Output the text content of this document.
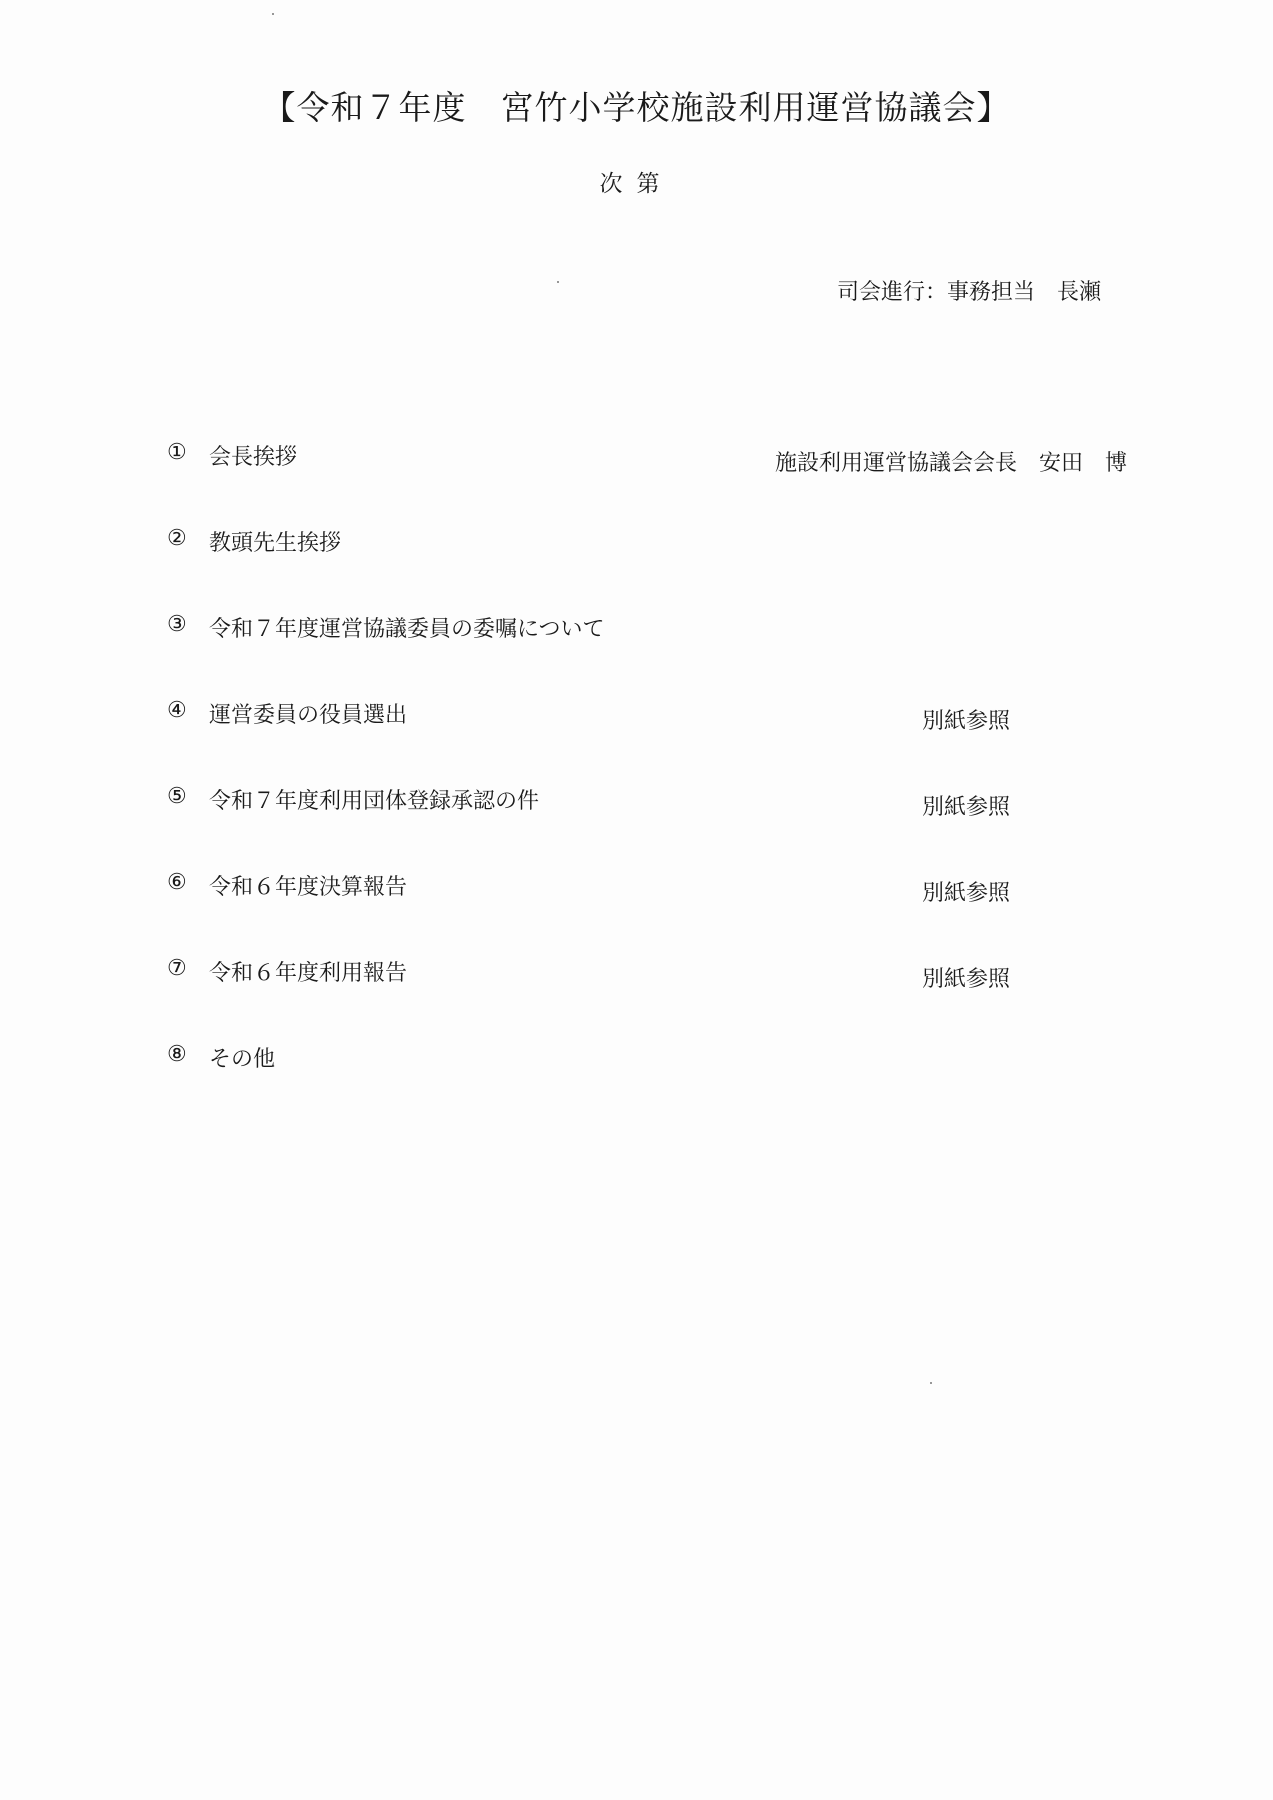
【令和７年度　宮竹小学校施設利用運営協議会】
次第
司会進行：事務担当　長瀬
①	会長挨拶	施設利用運営協議会会長　安田　博
②	教頭先生挨拶
③	令和７年度運営協議委員の委嘱について
④	運営委員の役員選出	別紙参照
⑤	令和７年度利用団体登録承認の件	別紙参照
⑥	令和６年度決算報告	別紙参照
⑦	令和６年度利用報告	別紙参照
⑧	その他
